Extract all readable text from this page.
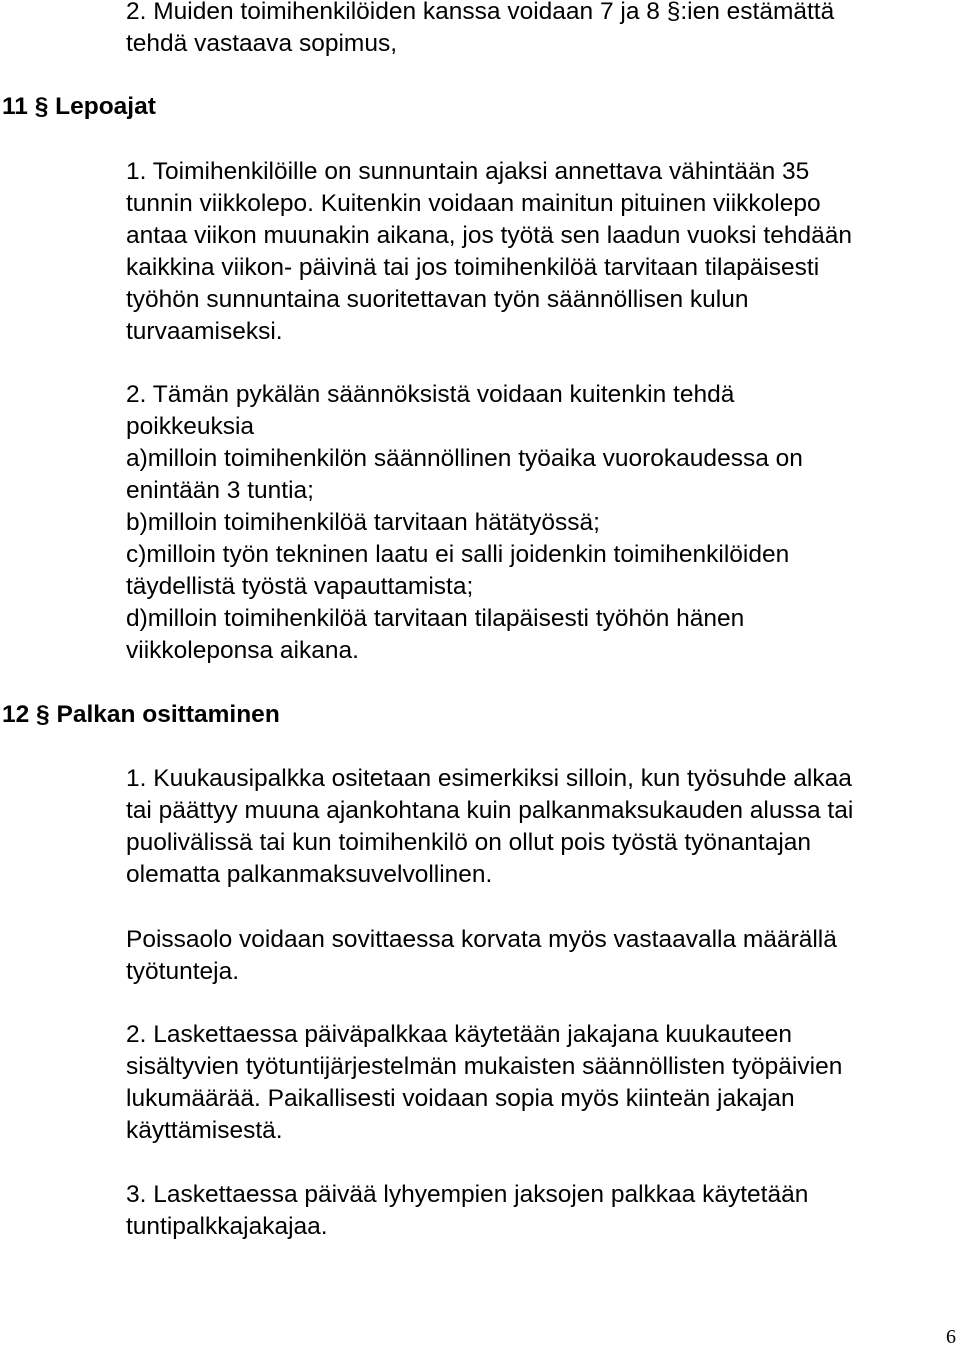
2. Muiden toimihenkilöiden kanssa voidaan 7 ja 8 §:ien estämättä
tehdä vastaava sopimus,
11 § Lepoajat
1. Toimihenkilöille on sunnuntain ajaksi annettava vähintään 35
tunnin viikkolepo. Kuitenkin voidaan mainitun pituinen viikkolepo
antaa viikon muunakin aikana, jos työtä sen laadun vuoksi tehdään
kaikkina viikon- päivinä tai jos toimihenkilöä tarvitaan tilapäisesti
työhön sunnuntaina suoritettavan työn säännöllisen kulun
turvaamiseksi.
2. Tämän pykälän säännöksistä voidaan kuitenkin tehdä
poikkeuksia
a)milloin toimihenkilön säännöllinen työaika vuorokaudessa on
enintään 3 tuntia;
b)milloin toimihenkilöä tarvitaan hätätyössä;
c)milloin työn tekninen laatu ei salli joidenkin toimihenkilöiden
täydellistä työstä vapauttamista;
d)milloin toimihenkilöä tarvitaan tilapäisesti työhön hänen
viikkoleponsa aikana.
12 § Palkan osittaminen
1. Kuukausipalkka ositetaan esimerkiksi silloin, kun työsuhde alkaa
tai päättyy muuna ajankohtana kuin palkanmaksukauden alussa tai
puolivälissä tai kun toimihenkilö on ollut pois työstä työnantajan
olematta palkanmaksuvelvollinen.
Poissaolo voidaan sovittaessa korvata myös vastaavalla määrällä
työtunteja.
2. Laskettaessa päiväpalkkaa käytetään jakajana kuukauteen
sisältyvien työtuntijärjestelmän mukaisten säännöllisten työpäivien
lukumäärää. Paikallisesti voidaan sopia myös kiinteän jakajan
käyttämisestä.
3. Laskettaessa päivää lyhyempien jaksojen palkkaa käytetään
tuntipalkkajakajaa.
6
